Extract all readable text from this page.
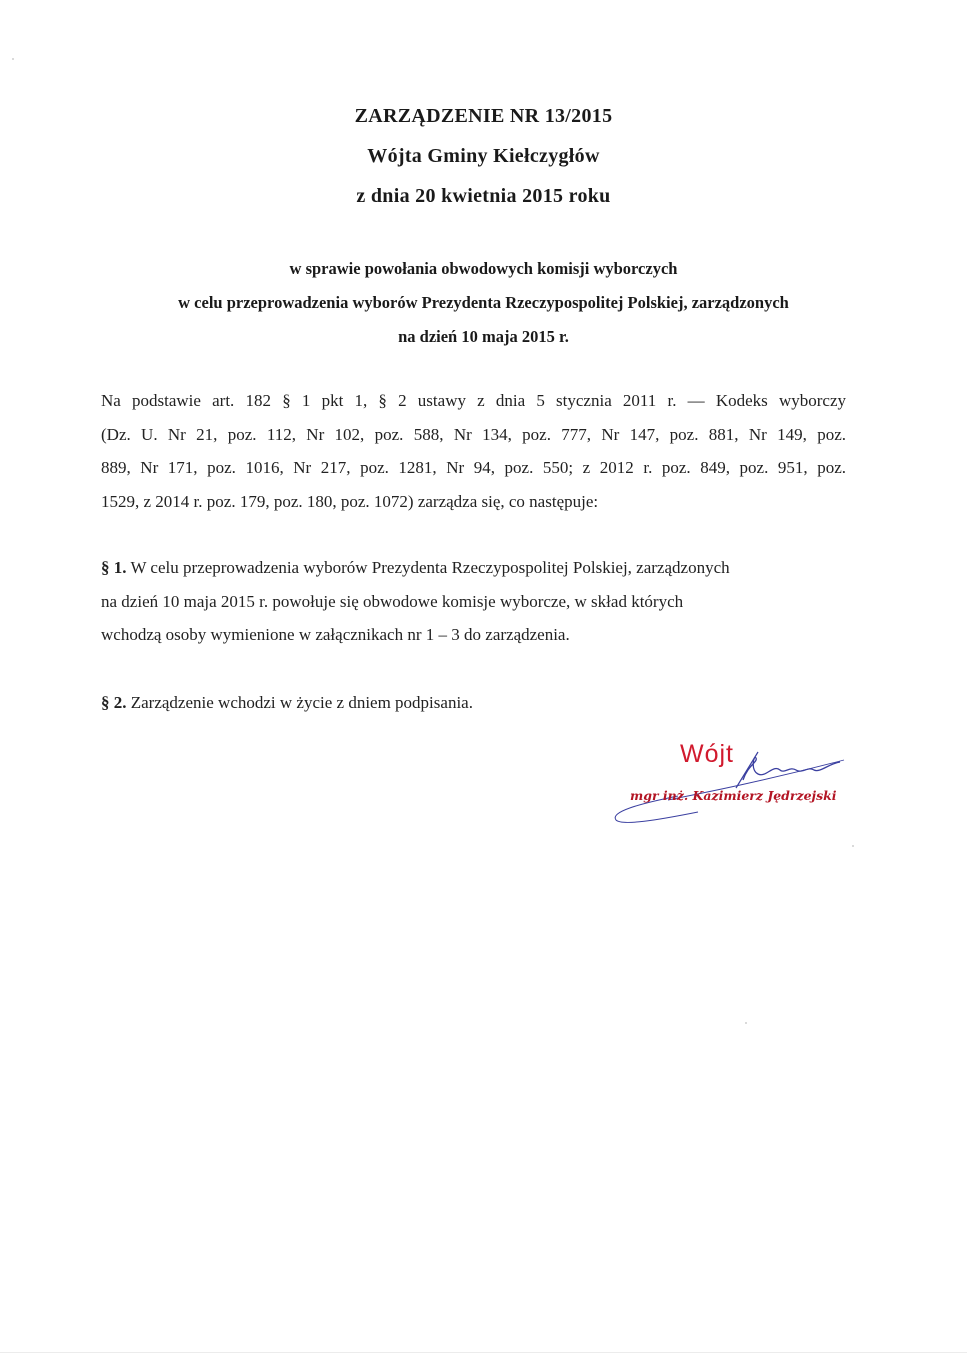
ZARZĄDZENIE NR 13/2015
Wójta Gminy Kiełczygłów
z dnia 20 kwietnia 2015 roku
w sprawie powołania obwodowych komisji wyborczych
w celu przeprowadzenia wyborów Prezydenta Rzeczypospolitej Polskiej, zarządzonych
na dzień 10 maja 2015 r.
Na podstawie art. 182 § 1 pkt 1, § 2 ustawy z dnia 5 stycznia 2011 r. — Kodeks wyborczy
(Dz. U. Nr 21, poz. 112, Nr 102, poz. 588, Nr 134, poz. 777, Nr 147, poz. 881, Nr 149, poz.
889, Nr 171, poz. 1016, Nr 217, poz. 1281, Nr 94, poz. 550; z 2012 r. poz. 849, poz. 951, poz.
1529, z 2014 r. poz. 179, poz. 180, poz. 1072) zarządza się, co następuje:
§ 1. W celu przeprowadzenia wyborów Prezydenta Rzeczypospolitej Polskiej, zarządzonych
na dzień 10 maja 2015 r. powołuje się obwodowe komisje wyborcze, w skład których
wchodzą osoby wymienione w załącznikach nr 1 – 3 do zarządzenia.
§ 2. Zarządzenie wchodzi w życie z dniem podpisania.
Wójt
mgr inż. Kazimierz Jędrzejski
